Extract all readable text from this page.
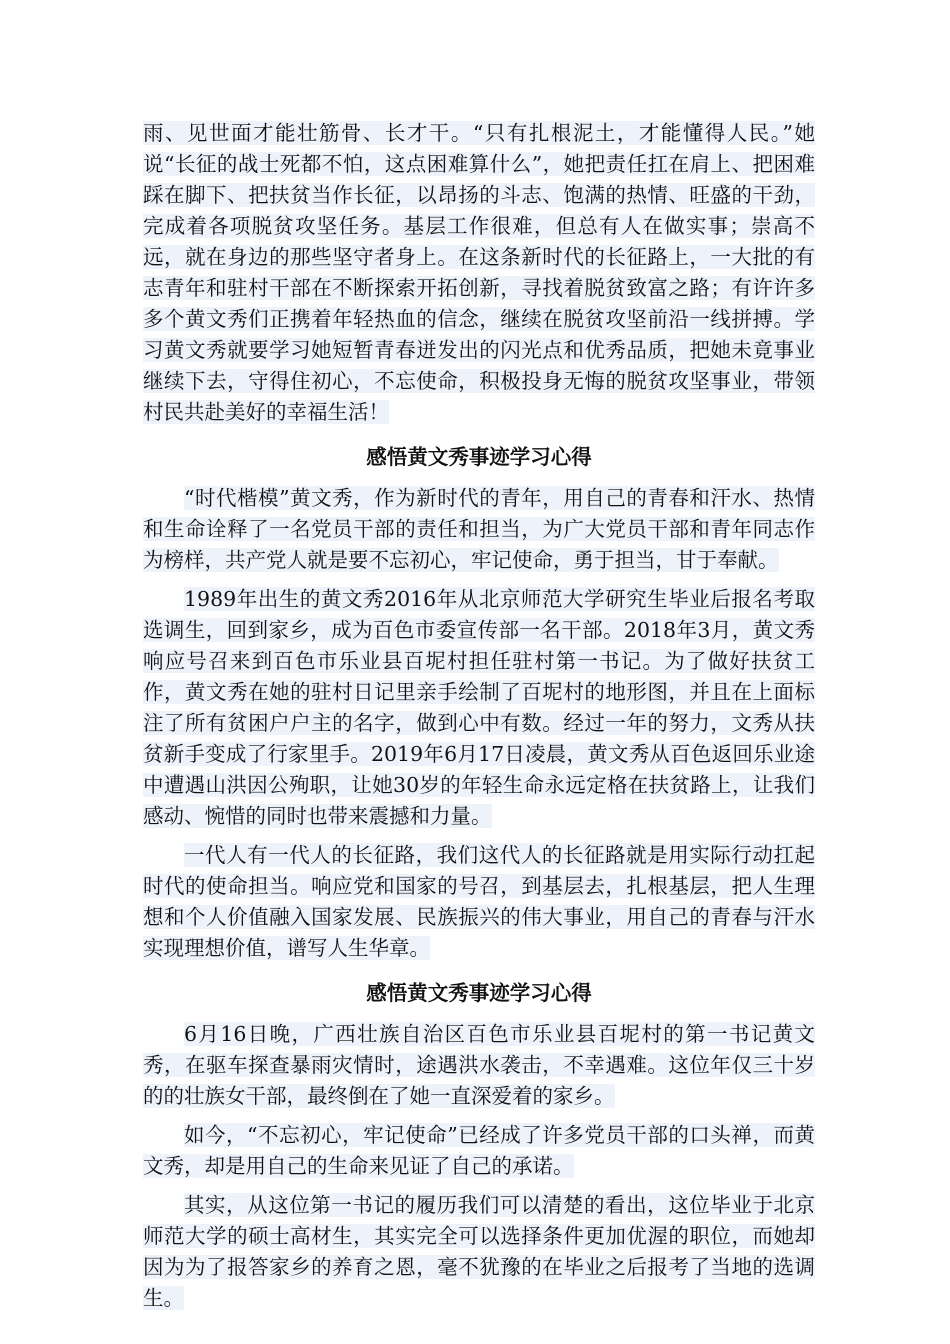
雨、见世面才能壮筋骨、长才干。“只有扎根泥土，才能懂得人民。”她说“长征的战士死都不怕，这点困难算什么”，她把责任扛在肩上、把困难踩在脚下、把扶贫当作长征，以昂扬的斗志、饱满的热情、旺盛的干劲，完成着各项脱贫攻坚任务。基层工作很难，但总有人在做实事；崇高不远，就在身边的那些坚守者身上。在这条新时代的长征路上，一大批的有志青年和驻村干部在不断探索开拓创新，寻找着脱贫致富之路；有许许多多个黄文秀们正携着年轻热血的信念，继续在脱贫攻坚前沿一线拼搏。学习黄文秀就要学习她短暂青春迸发出的闪光点和优秀品质，把她未竟事业继续下去，守得住初心，不忘使命，积极投身无悔的脱贫攻坚事业，带领村民共赴美好的幸福生活！

感悟黄文秀事迹学习心得

“时代楷模”黄文秀，作为新时代的青年，用自己的青春和汗水、热情和生命诠释了一名党员干部的责任和担当，为广大党员干部和青年同志作为榜样，共产党人就是要不忘初心，牢记使命，勇于担当，甘于奉献。

1989年出生的黄文秀2016年从北京师范大学研究生毕业后报名考取选调生，回到家乡，成为百色市委宣传部一名干部。2018年3月，黄文秀响应号召来到百色市乐业县百坭村担任驻村第一书记。为了做好扶贫工作，黄文秀在她的驻村日记里亲手绘制了百坭村的地形图，并且在上面标注了所有贫困户户主的名字，做到心中有数。经过一年的努力，文秀从扶贫新手变成了行家里手。2019年6月17日凌晨，黄文秀从百色返回乐业途中遭遇山洪因公殉职，让她30岁的年轻生命永远定格在扶贫路上，让我们感动、惋惜的同时也带来震撼和力量。

一代人有一代人的长征路，我们这代人的长征路就是用实际行动扛起时代的使命担当。响应党和国家的号召，到基层去，扎根基层，把人生理想和个人价值融入国家发展、民族振兴的伟大事业，用自己的青春与汗水实现理想价值，谱写人生华章。

感悟黄文秀事迹学习心得

6月16日晚，广西壮族自治区百色市乐业县百坭村的第一书记黄文秀，在驱车探查暴雨灾情时，途遇洪水袭击，不幸遇难。这位年仅三十岁的的壮族女干部，最终倒在了她一直深爱着的家乡。

如今，“不忘初心，牢记使命”已经成了许多党员干部的口头禅，而黄文秀，却是用自己的生命来见证了自己的承诺。

其实，从这位第一书记的履历我们可以清楚的看出，这位毕业于北京师范大学的硕士高材生，其实完全可以选择条件更加优渥的职位，而她却因为为了报答家乡的养育之恩，毫不犹豫的在毕业之后报考了当地的选调生。
